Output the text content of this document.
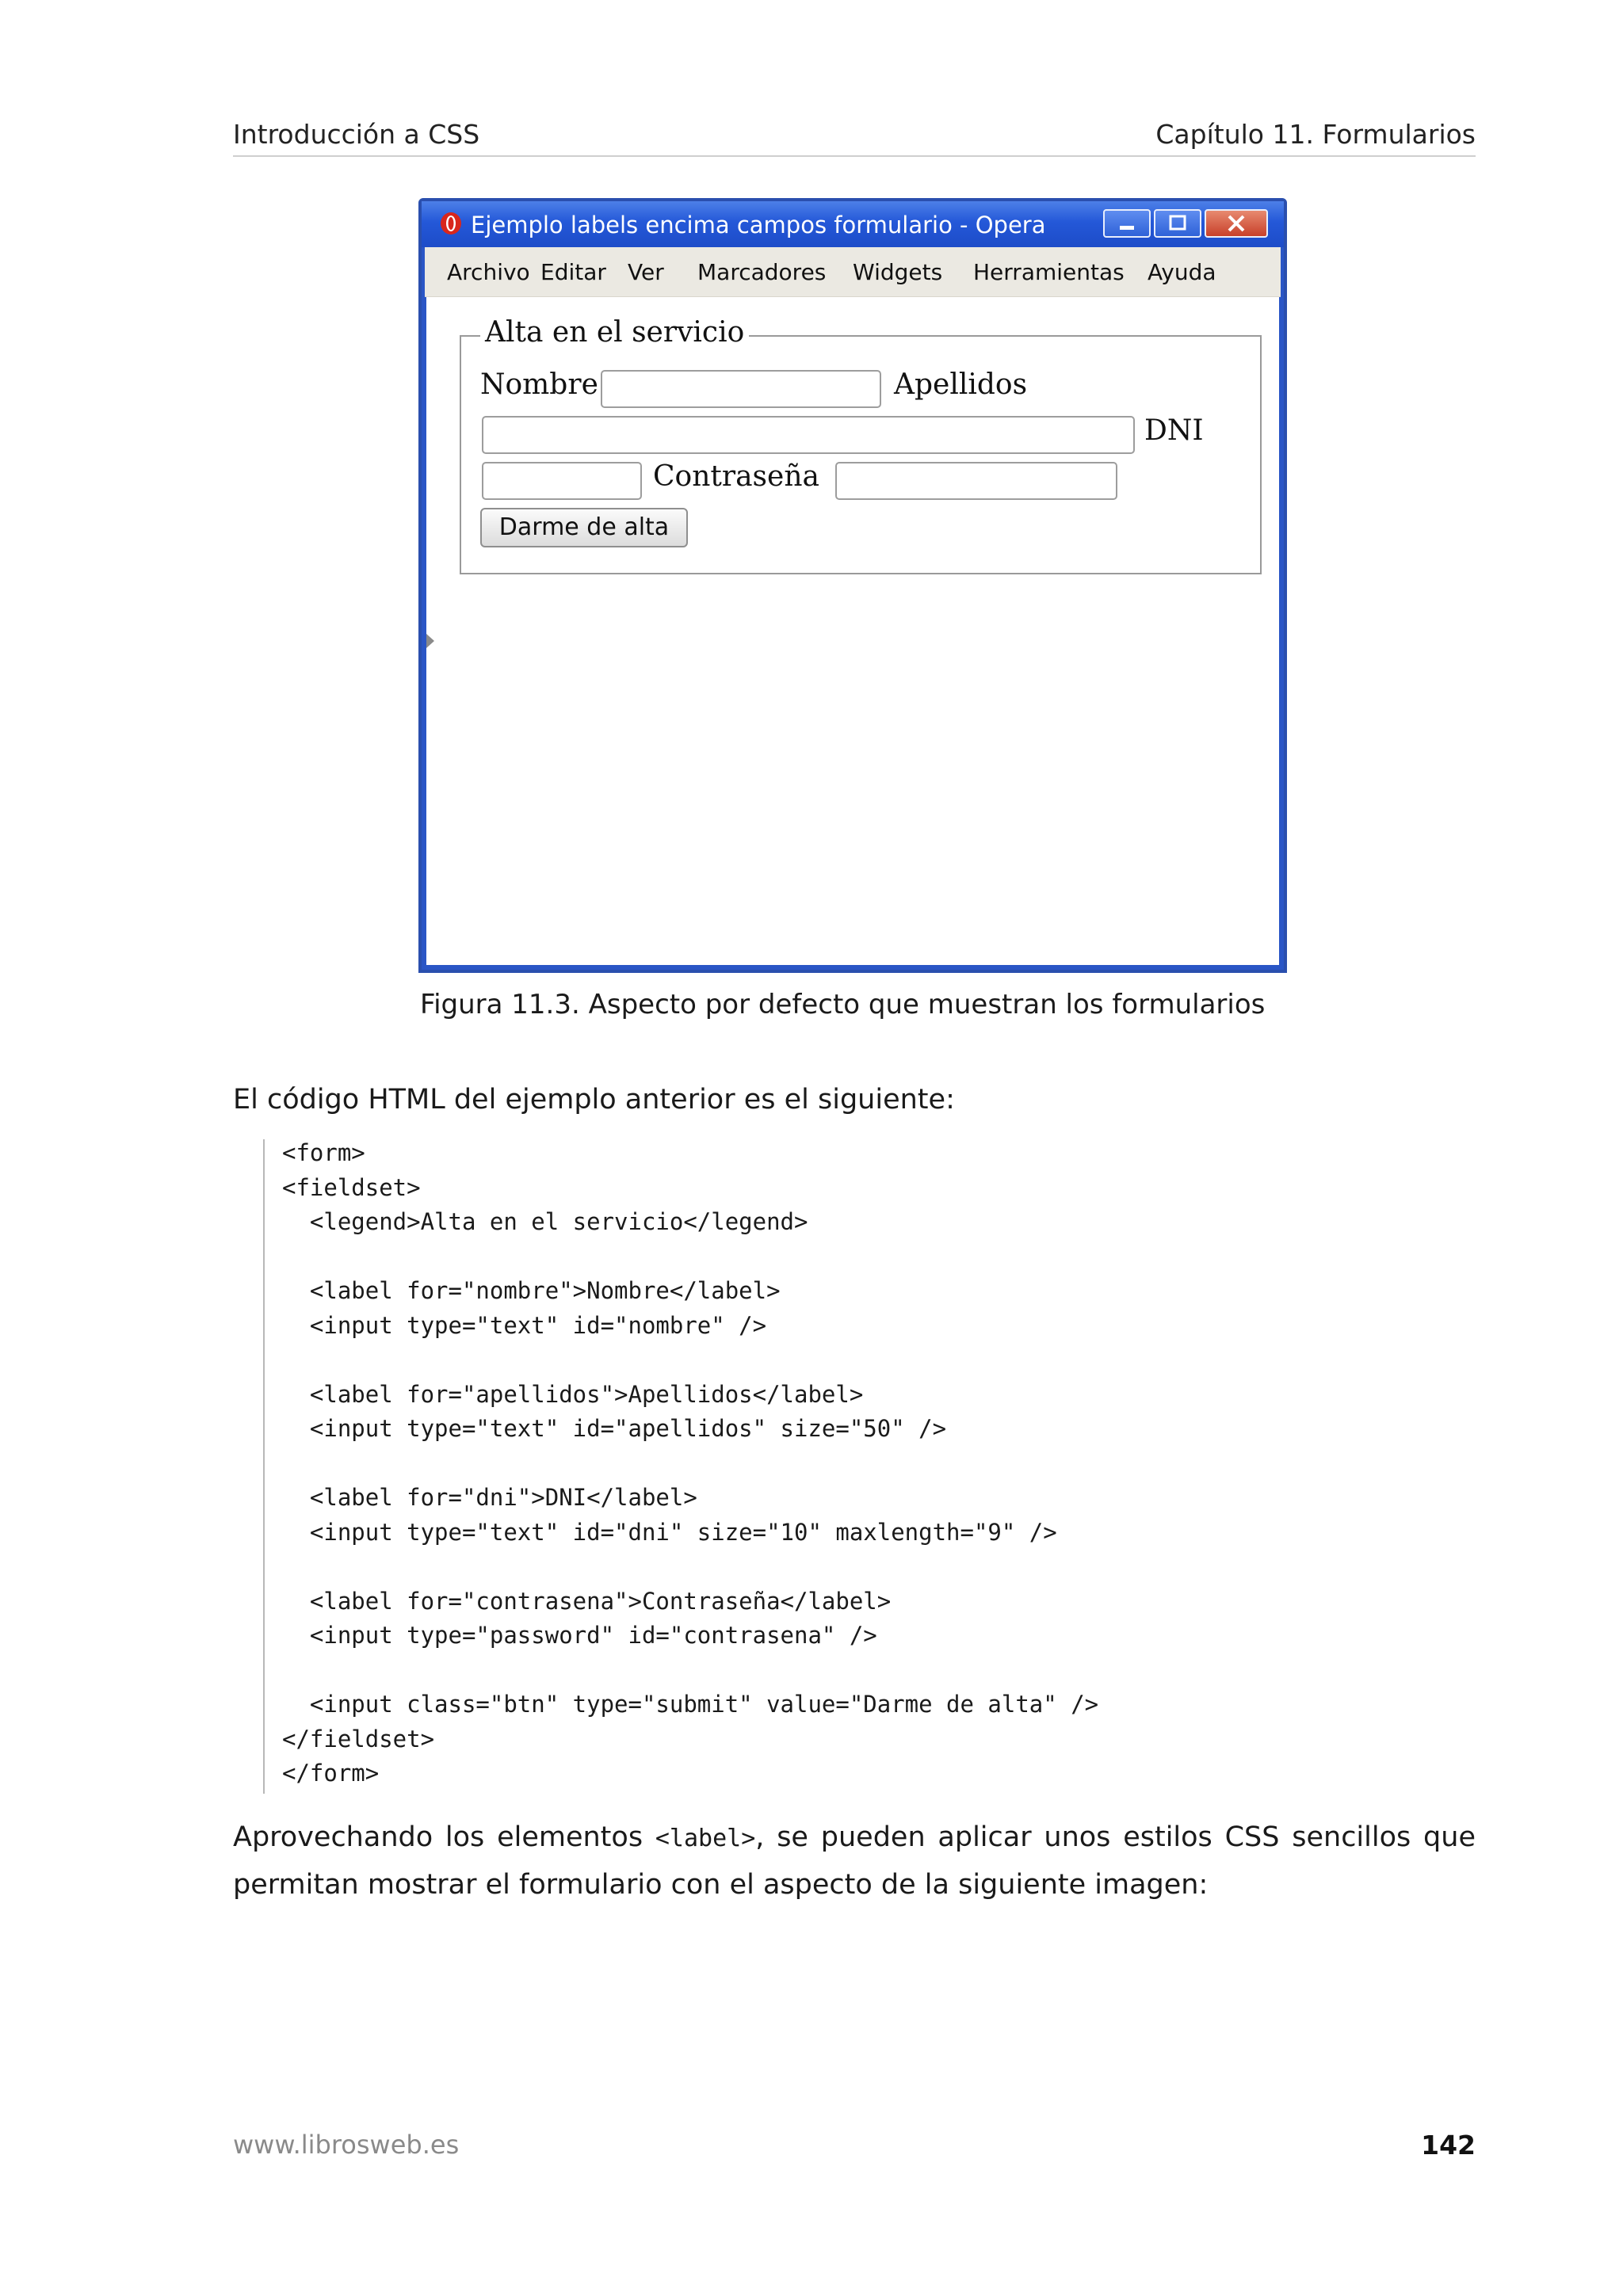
Introducción a CSS	Capítulo 11. Formularios
Ejemplo labels encima campos formulario - Opera
Archivo Editar Ver Marcadores Widgets Herramientas Ayuda
Alta en el servicio
Nombre	Apellidos
DNI
Contraseña
Darme de alta
Figura 11.3. Aspecto por defecto que muestran los formularios
El código HTML del ejemplo anterior es el siguiente:
<form>
<fieldset>
<legend>Alta en el servicio</legend>
<label for="nombre">Nombre</label>
<input type="text" id="nombre" />
<label for="apellidos">Apellidos</label>
<input type="text" id="apellidos" size="50" />
<label for="dni">DNI</label>
<input type="text" id="dni" size="10" maxlength="9" />
<label for="contrasena">Contraseña</label>
<input type="password" id="contrasena" />
<input class="btn" type="submit" value="Darme de alta" />
</fieldset>
</form>
Aprovechando los elementos <label>, se pueden aplicar unos estilos CSS sencillos que permitan mostrar el formulario con el aspecto de la siguiente imagen:
www.librosweb.es	142
